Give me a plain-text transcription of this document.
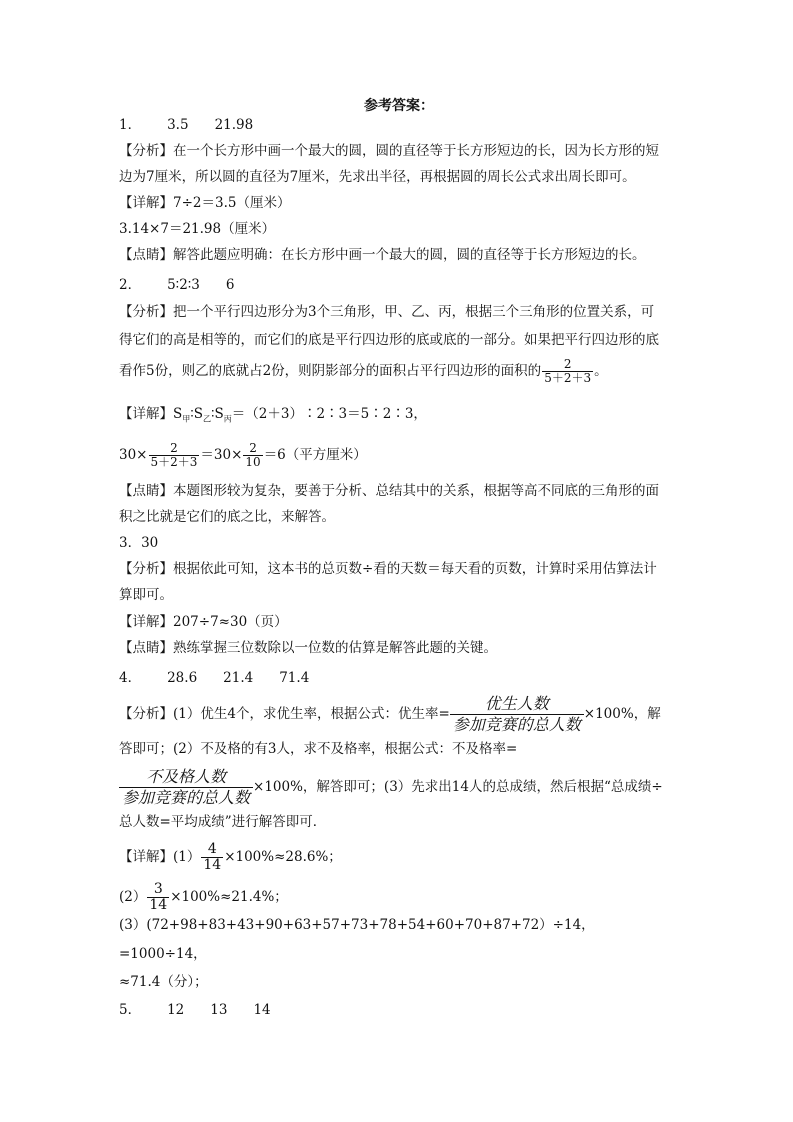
参考答案：
1． 3.5 21.98
【分析】在一个长方形中画一个最大的圆，圆的直径等于长方形短边的长，因为长方形的短
边为7厘米，所以圆的直径为7厘米，先求出半径，再根据圆的周长公式求出周长即可。
【详解】7÷2＝3.5（厘米）
3.14×7＝21.98（厘米）
【点睛】解答此题应明确：在长方形中画一个最大的圆，圆的直径等于长方形短边的长。
2． 5∶2∶3 6
【分析】把一个平行四边形分为3个三角形，甲、乙、丙，根据三个三角形的位置关系，可
得它们的高是相等的，而它们的底是平行四边形的底或底的一部分。如果把平行四边形的底
看作5份，则乙的底就占2份，则阴影部分的面积占平行四边形的面积的 $\frac{2}{5+2+3}$ 。
【详解】$S_甲∶S_乙∶S_丙=(2+3)∶2∶3=5∶2∶3$，
$30\times \frac{2}{5+2+3} =30\times \frac{2}{10} =6$（平方厘米）
【点睛】本题图形较为复杂，要善于分析、总结其中的关系，根据等高不同底的三角形的面
积之比就是它们的底之比，来解答。
3．30
【分析】根据依此可知，这本书的总页数÷看的天数＝每天看的页数，计算时采用估算法计
算即可。
【详解】207÷7≈30（页）
【点睛】熟练掌握三位数除以一位数的估算是解答此题的关键。
4． 28.6 21.4 71.4
【分析】(1）优生4个，求优生率，根据公式：优生率=
优生人数
参加竞赛的总人数
×100%，解
答即可；(2）不及格的有3人，求不及格率，根据公式：不及格率=
不及格人数
参加竞赛的总人数
×100%，解答即可；(3）先求出14人的总成绩，然后根据“总成绩÷
总人数=平均成绩”进行解答即可．
【详解】$(1) \frac{4}{14} \times 100\%\approx 28.6\%$；
$(2) \frac{3}{14} \times 100\%\approx 21.4\%$；
(3）(72+98+83+43+90+63+57+73+78+54+60+70+87+72）÷14，
=1000÷14，
≈71.4（分）；
5． 12 13 14
